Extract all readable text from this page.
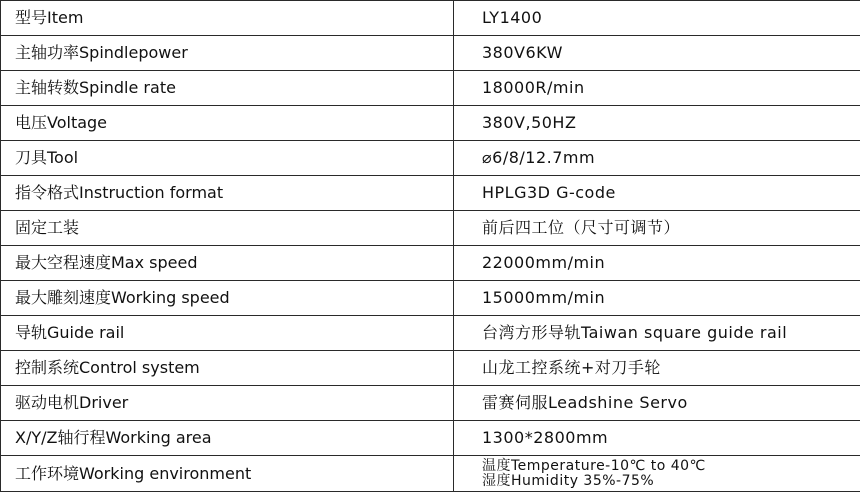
型号Item	LY1400
主轴功率Spindlepower	380V6KW
主轴转数Spindle rate	18000R/min
电压Voltage	380V,50HZ
刀具Tool	⌀6/8/12.7mm
指令格式Instruction format	HPLG3D G-code
固定工装	前后四工位（尺寸可调节）
最大空程速度Max speed	22000mm/min
最大雕刻速度Working speed	15000mm/min
导轨Guide rail	台湾方形导轨Taiwan square guide rail
控制系统Control system	山龙工控系统+对刀手轮
驱动电机Driver	雷赛伺服Leadshine Servo
X/Y/Z轴行程Working area	1300*2800mm
工作环境Working environment	温度Temperature-10℃ to 40℃
湿度Humidity 35%-75%
